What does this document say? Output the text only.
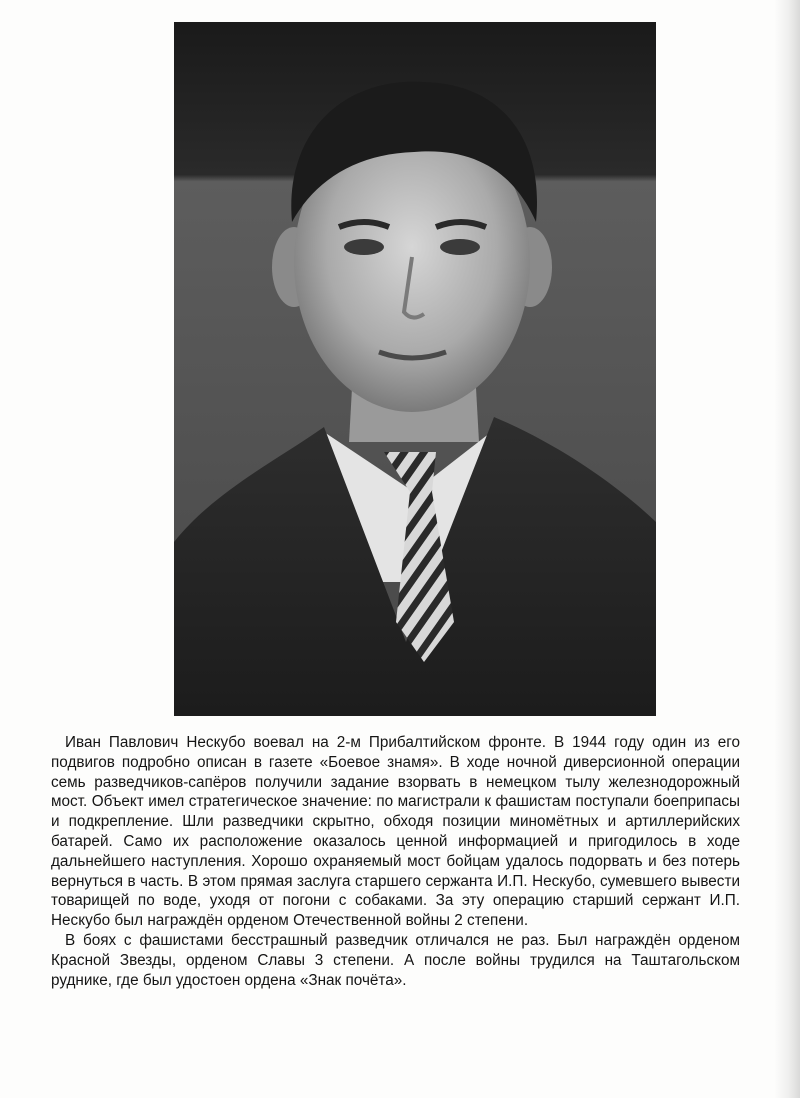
Иван Павлович Нескубо воевал на 2-м Прибалтийском фронте. В 1944 году один из его подвигов подробно описан в газете «Боевое знамя». В ходе ночной диверсионной операции семь разведчиков-сапёров получили задание взорвать в немецком тылу железнодорожный мост. Объект имел стратегическое значение: по магистрали к фашистам поступали боеприпасы и подкрепление. Шли разведчики скрытно, обходя позиции миномётных и артиллерийских батарей. Само их расположение оказалось ценной информацией и пригодилось в ходе дальнейшего наступления. Хорошо охраняемый мост бойцам удалось подорвать и без потерь вернуться в часть. В этом прямая заслуга старшего сержанта И.П. Нескубо, сумевшего вывести товарищей по воде, уходя от погони с собаками. За эту операцию старший сержант И.П. Нескубо был награждён орденом Отечественной войны 2 степени.

В боях с фашистами бесстрашный разведчик отличался не раз. Был награждён орденом Красной Звезды, орденом Славы 3 степени. А после войны трудился на Таштагольском руднике, где был удостоен ордена «Знак почёта».
